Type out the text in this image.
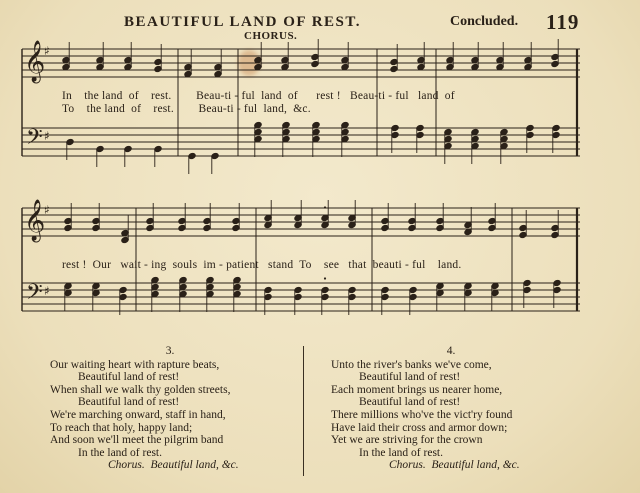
BEAUTIFUL LAND OF REST.	Concluded. 119
CHORUS.
𝄞
♯
𝄢 ♯
𝄞
♯
𝄢 ♯
In    the land  of    rest.        Beau-ti - ful  land  of      rest !   Beau-ti - ful   land  of
To    the land  of    rest.        Beau-ti - ful  land,  &c.
rest !  Our   wait - ing  souls  im - patient   stand  To    see   that  beauti - ful    land.
3.
Our waiting heart with rapture beats,
Beautiful land of rest!
When shall we walk thy golden streets,
Beautiful land of rest!
We're marching onward, staff in hand,
To reach that holy, happy land;
And soon we'll meet the pilgrim band
In the land of rest.
Chorus.  Beautiful land, &c.
4.
Unto the river's banks we've come,
Beautiful land of rest!
Each moment brings us nearer home,
Beautiful land of rest!
There millions who've the vict'ry found
Have laid their cross and armor down;
Yet we are striving for the crown
In the land of rest.
Chorus.  Beautiful land, &c.
